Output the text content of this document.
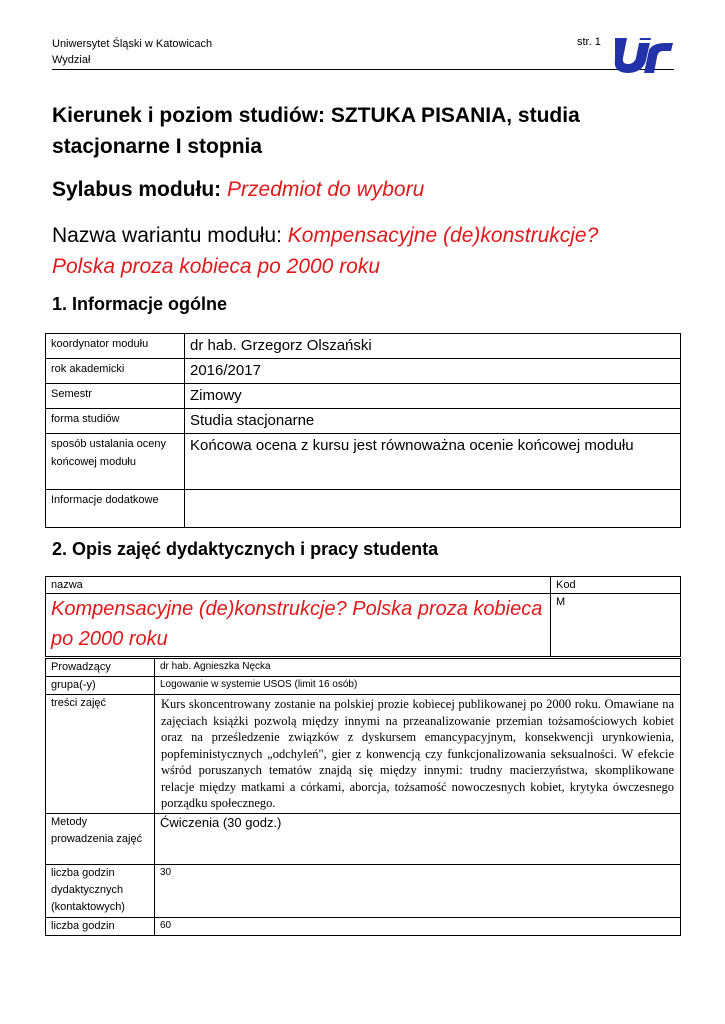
Uniwersytet Śląski w Katowicach
Wydział
str. 1
Kierunek i poziom studiów: SZTUKA PISANIA, studia stacjonarne I stopnia
Sylabus modułu: Przedmiot do wyboru
Nazwa wariantu modułu: Kompensacyjne (de)konstrukcje?
Polska proza kobieca po 2000 roku
1. Informacje ogólne
koordynator modułu	dr hab. Grzegorz Olszański
rok akademicki	2016/2017
Semestr	Zimowy
forma studiów	Studia stacjonarne
sposób ustalania oceny końcowej modułu	Końcowa ocena z kursu jest równoważna ocenie końcowej modułu
Informacje dodatkowe	
2. Opis zajęć dydaktycznych i pracy studenta
nazwa	Kod
Kompensacyjne (de)konstrukcje? Polska proza kobieca po 2000 roku	M
Prowadzący	dr hab. Agnieszka Nęcka
grupa(-y)	Logowanie w systemie USOS (limit 16 osób)
treści zajęć	Kurs skoncentrowany zostanie na polskiej prozie kobiecej publikowanej po 2000 roku. Omawiane na zajęciach książki pozwolą między innymi na przeanalizowanie przemian tożsamościowych kobiet oraz na prześledzenie związków z dyskursem emancypacyjnym, konsekwencji urynkowienia, popfeministycznych „odchyleń", gier z konwencją czy funkcjonalizowania seksualności. W efekcie wśród poruszanych tematów znajdą się między innymi: trudny macierzyństwa, skomplikowane relacje między matkami a córkami, aborcja, tożsamość nowoczesnych kobiet, krytyka ówczesnego porządku społecznego.
Metody prowadzenia zajęć	Ćwiczenia (30 godz.)
liczba godzin dydaktycznych (kontaktowych)	30
liczba godzin	60
